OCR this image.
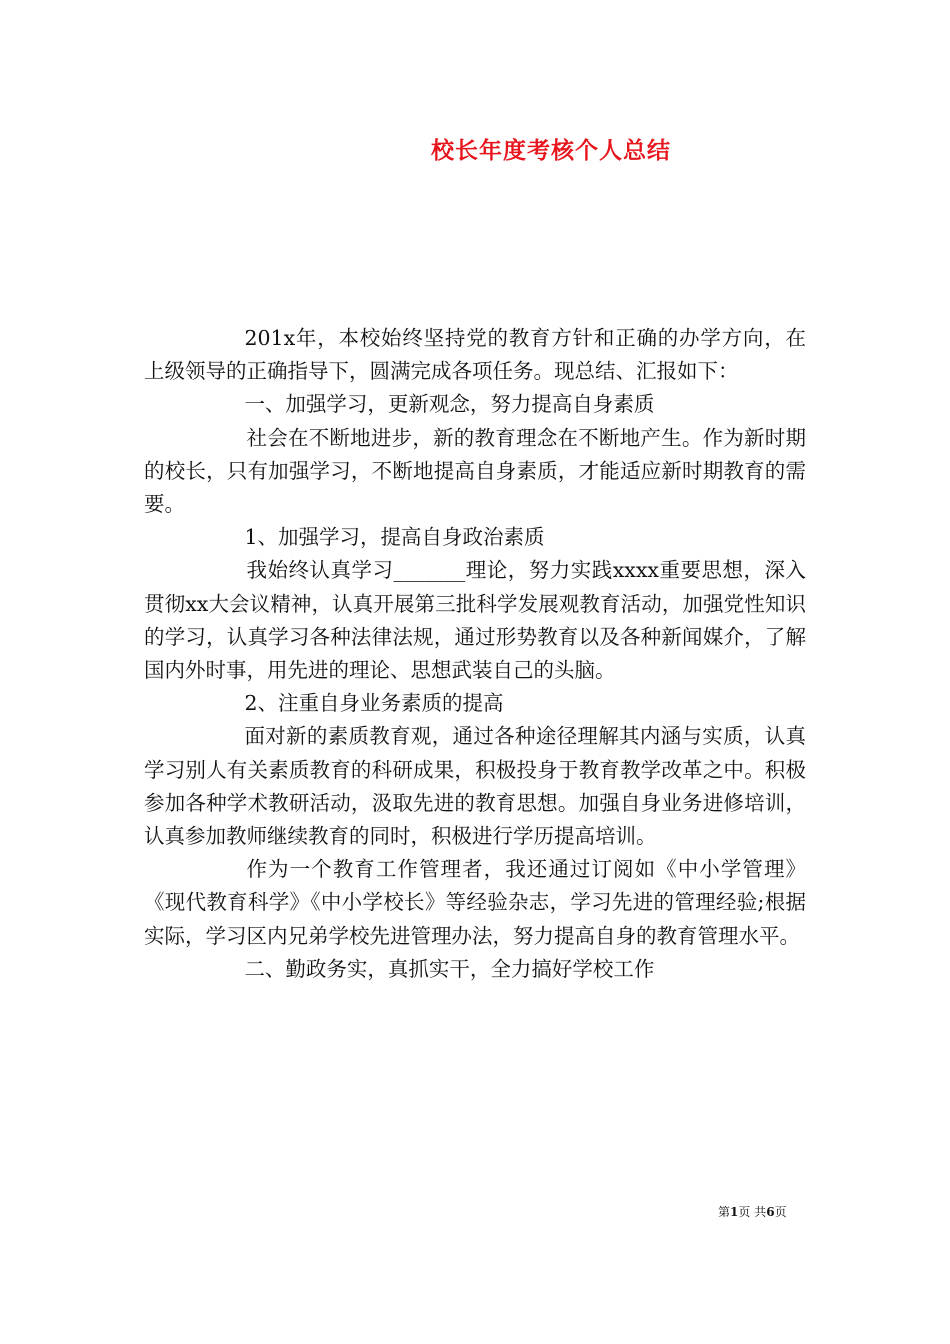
校长年度考核个人总结

201x年，本校始终坚持党的教育方针和正确的办学方向，在上级领导的正确指导下，圆满完成各项任务。现总结、汇报如下：

一、加强学习，更新观念，努力提高自身素质

社会在不断地进步，新的教育理念在不断地产生。作为新时期的校长，只有加强学习，不断地提高自身素质，才能适应新时期教育的需要。

1、加强学习，提高自身政治素质

我始终认真学习_______理论，努力实践xxxx重要思想，深入贯彻xx大会议精神，认真开展第三批科学发展观教育活动，加强党性知识的学习，认真学习各种法律法规，通过形势教育以及各种新闻媒介，了解国内外时事，用先进的理论、思想武装自己的头脑。

2、注重自身业务素质的提高

面对新的素质教育观，通过各种途径理解其内涵与实质，认真学习别人有关素质教育的科研成果，积极投身于教育教学改革之中。积极参加各种学术教研活动，汲取先进的教育思想。加强自身业务进修培训，认真参加教师继续教育的同时，积极进行学历提高培训。

作为一个教育工作管理者，我还通过订阅如《中小学管理》《现代教育科学》《中小学校长》等经验杂志，学习先进的管理经验;根据实际，学习区内兄弟学校先进管理办法，努力提高自身的教育管理水平。

二、勤政务实，真抓实干，全力搞好学校工作

第1页 共6页
